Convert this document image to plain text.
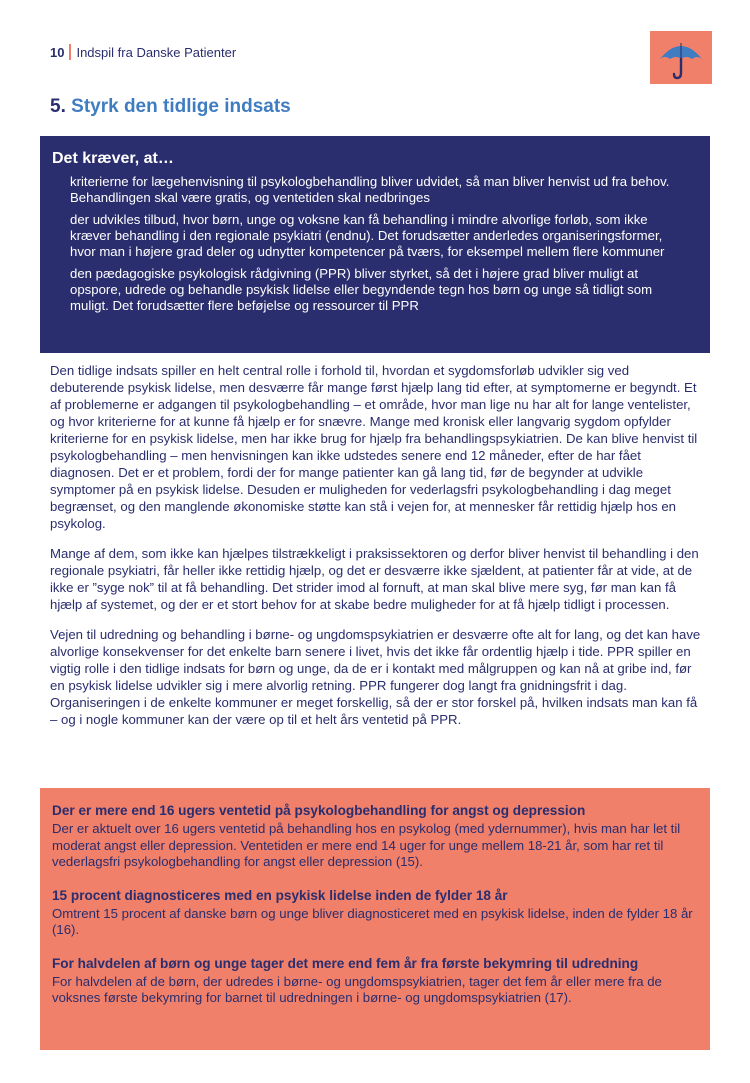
10 Indspil fra Danske Patienter
5. Styrk den tidlige indsats
Det kræver, at…
kriterierne for lægehenvisning til psykologbehandling bliver udvidet, så man bliver henvist ud fra behov. Behandlingen skal være gratis, og ventetiden skal nedbringes
der udvikles tilbud, hvor børn, unge og voksne kan få behandling i mindre alvorlige forløb, som ikke kræver behandling i den regionale psykiatri (endnu). Det forudsætter anderledes organiseringsformer, hvor man i højere grad deler og udnytter kompetencer på tværs, for eksempel mellem flere kommuner
den pædagogiske psykologisk rådgivning (PPR) bliver styrket, så det i højere grad bliver muligt at opspore, udrede og behandle psykisk lidelse eller begyndende tegn hos børn og unge så tidligt som muligt. Det forudsætter flere beføjelse og ressourcer til PPR

Den tidlige indsats spiller en helt central rolle i forhold til, hvordan et sygdomsforløb udvikler sig ved debuterende psykisk lidelse, men desværre får mange først hjælp lang tid efter, at symptomerne er begyndt. Et af problemerne er adgangen til psykologbehandling – et område, hvor man lige nu har alt for lange ventelister, og hvor kriterierne for at kunne få hjælp er for snævre. Mange med kronisk eller langvarig sygdom opfylder kriterierne for en psykisk lidelse, men har ikke brug for hjælp fra behandlingspsykiatrien. De kan blive henvist til psykologbehandling – men henvisningen kan ikke udstedes senere end 12 måneder, efter de har fået diagnosen. Det er et problem, fordi der for mange patienter kan gå lang tid, før de begynder at udvikle symptomer på en psykisk lidelse. Desuden er muligheden for vederlagsfri psykologbehandling i dag meget begrænset, og den manglende økonomiske støtte kan stå i vejen for, at mennesker får rettidig hjælp hos en psykolog.

Mange af dem, som ikke kan hjælpes tilstrækkeligt i praksissektoren og derfor bliver henvist til behandling i den regionale psykiatri, får heller ikke rettidig hjælp, og det er desværre ikke sjældent, at patienter får at vide, at de ikke er ”syge nok” til at få behandling. Det strider imod al fornuft, at man skal blive mere syg, før man kan få hjælp af systemet, og der er et stort behov for at skabe bedre muligheder for at få hjælp tidligt i processen.

Vejen til udredning og behandling i børne- og ungdomspsykiatrien er desværre ofte alt for lang, og det kan have alvorlige konsekvenser for det enkelte barn senere i livet, hvis det ikke får ordentlig hjælp i tide. PPR spiller en vigtig rolle i den tidlige indsats for børn og unge, da de er i kontakt med målgruppen og kan nå at gribe ind, før en psykisk lidelse udvikler sig i mere alvorlig retning. PPR fungerer dog langt fra gnidningsfrit i dag. Organiseringen i de enkelte kommuner er meget forskellig, så der er stor forskel på, hvilken indsats man kan få – og i nogle kommuner kan der være op til et helt års ventetid på PPR.

Der er mere end 16 ugers ventetid på psykologbehandling for angst og depression
Der er aktuelt over 16 ugers ventetid på behandling hos en psykolog (med ydernummer), hvis man har let til moderat angst eller depression. Ventetiden er mere end 14 uger for unge mellem 18-21 år, som har ret til vederlagsfri psykologbehandling for angst eller depression (15).
15 procent diagnosticeres med en psykisk lidelse inden de fylder 18 år
Omtrent 15 procent af danske børn og unge bliver diagnosticeret med en psykisk lidelse, inden de fylder 18 år (16).
For halvdelen af børn og unge tager det mere end fem år fra første bekymring til udredning
For halvdelen af de børn, der udredes i børne- og ungdomspsykiatrien, tager det fem år eller mere fra de voksnes første bekymring for barnet til udredningen i børne- og ungdomspsykiatrien (17).
